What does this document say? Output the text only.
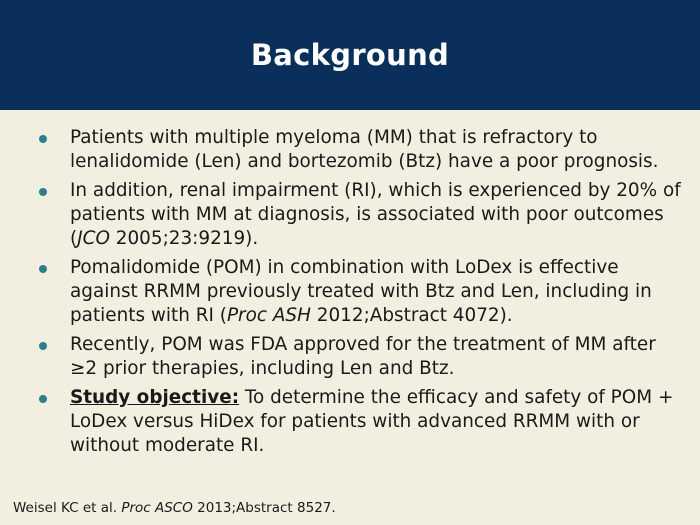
Background
Patients with multiple myeloma (MM) that is refractory to lenalidomide (Len) and bortezomib (Btz) have a poor prognosis.
In addition, renal impairment (RI), which is experienced by 20% of patients with MM at diagnosis, is associated with poor outcomes (JCO 2005;23:9219).
Pomalidomide (POM) in combination with LoDex is effective against RRMM previously treated with Btz and Len, including in patients with RI (Proc ASH 2012;Abstract 4072).
Recently, POM was FDA approved for the treatment of MM after ≥2 prior therapies, including Len and Btz.
Study objective: To determine the efficacy and safety of POM + LoDex versus HiDex for patients with advanced RRMM with or without moderate RI.
Weisel KC et al. Proc ASCO 2013;Abstract 8527.
